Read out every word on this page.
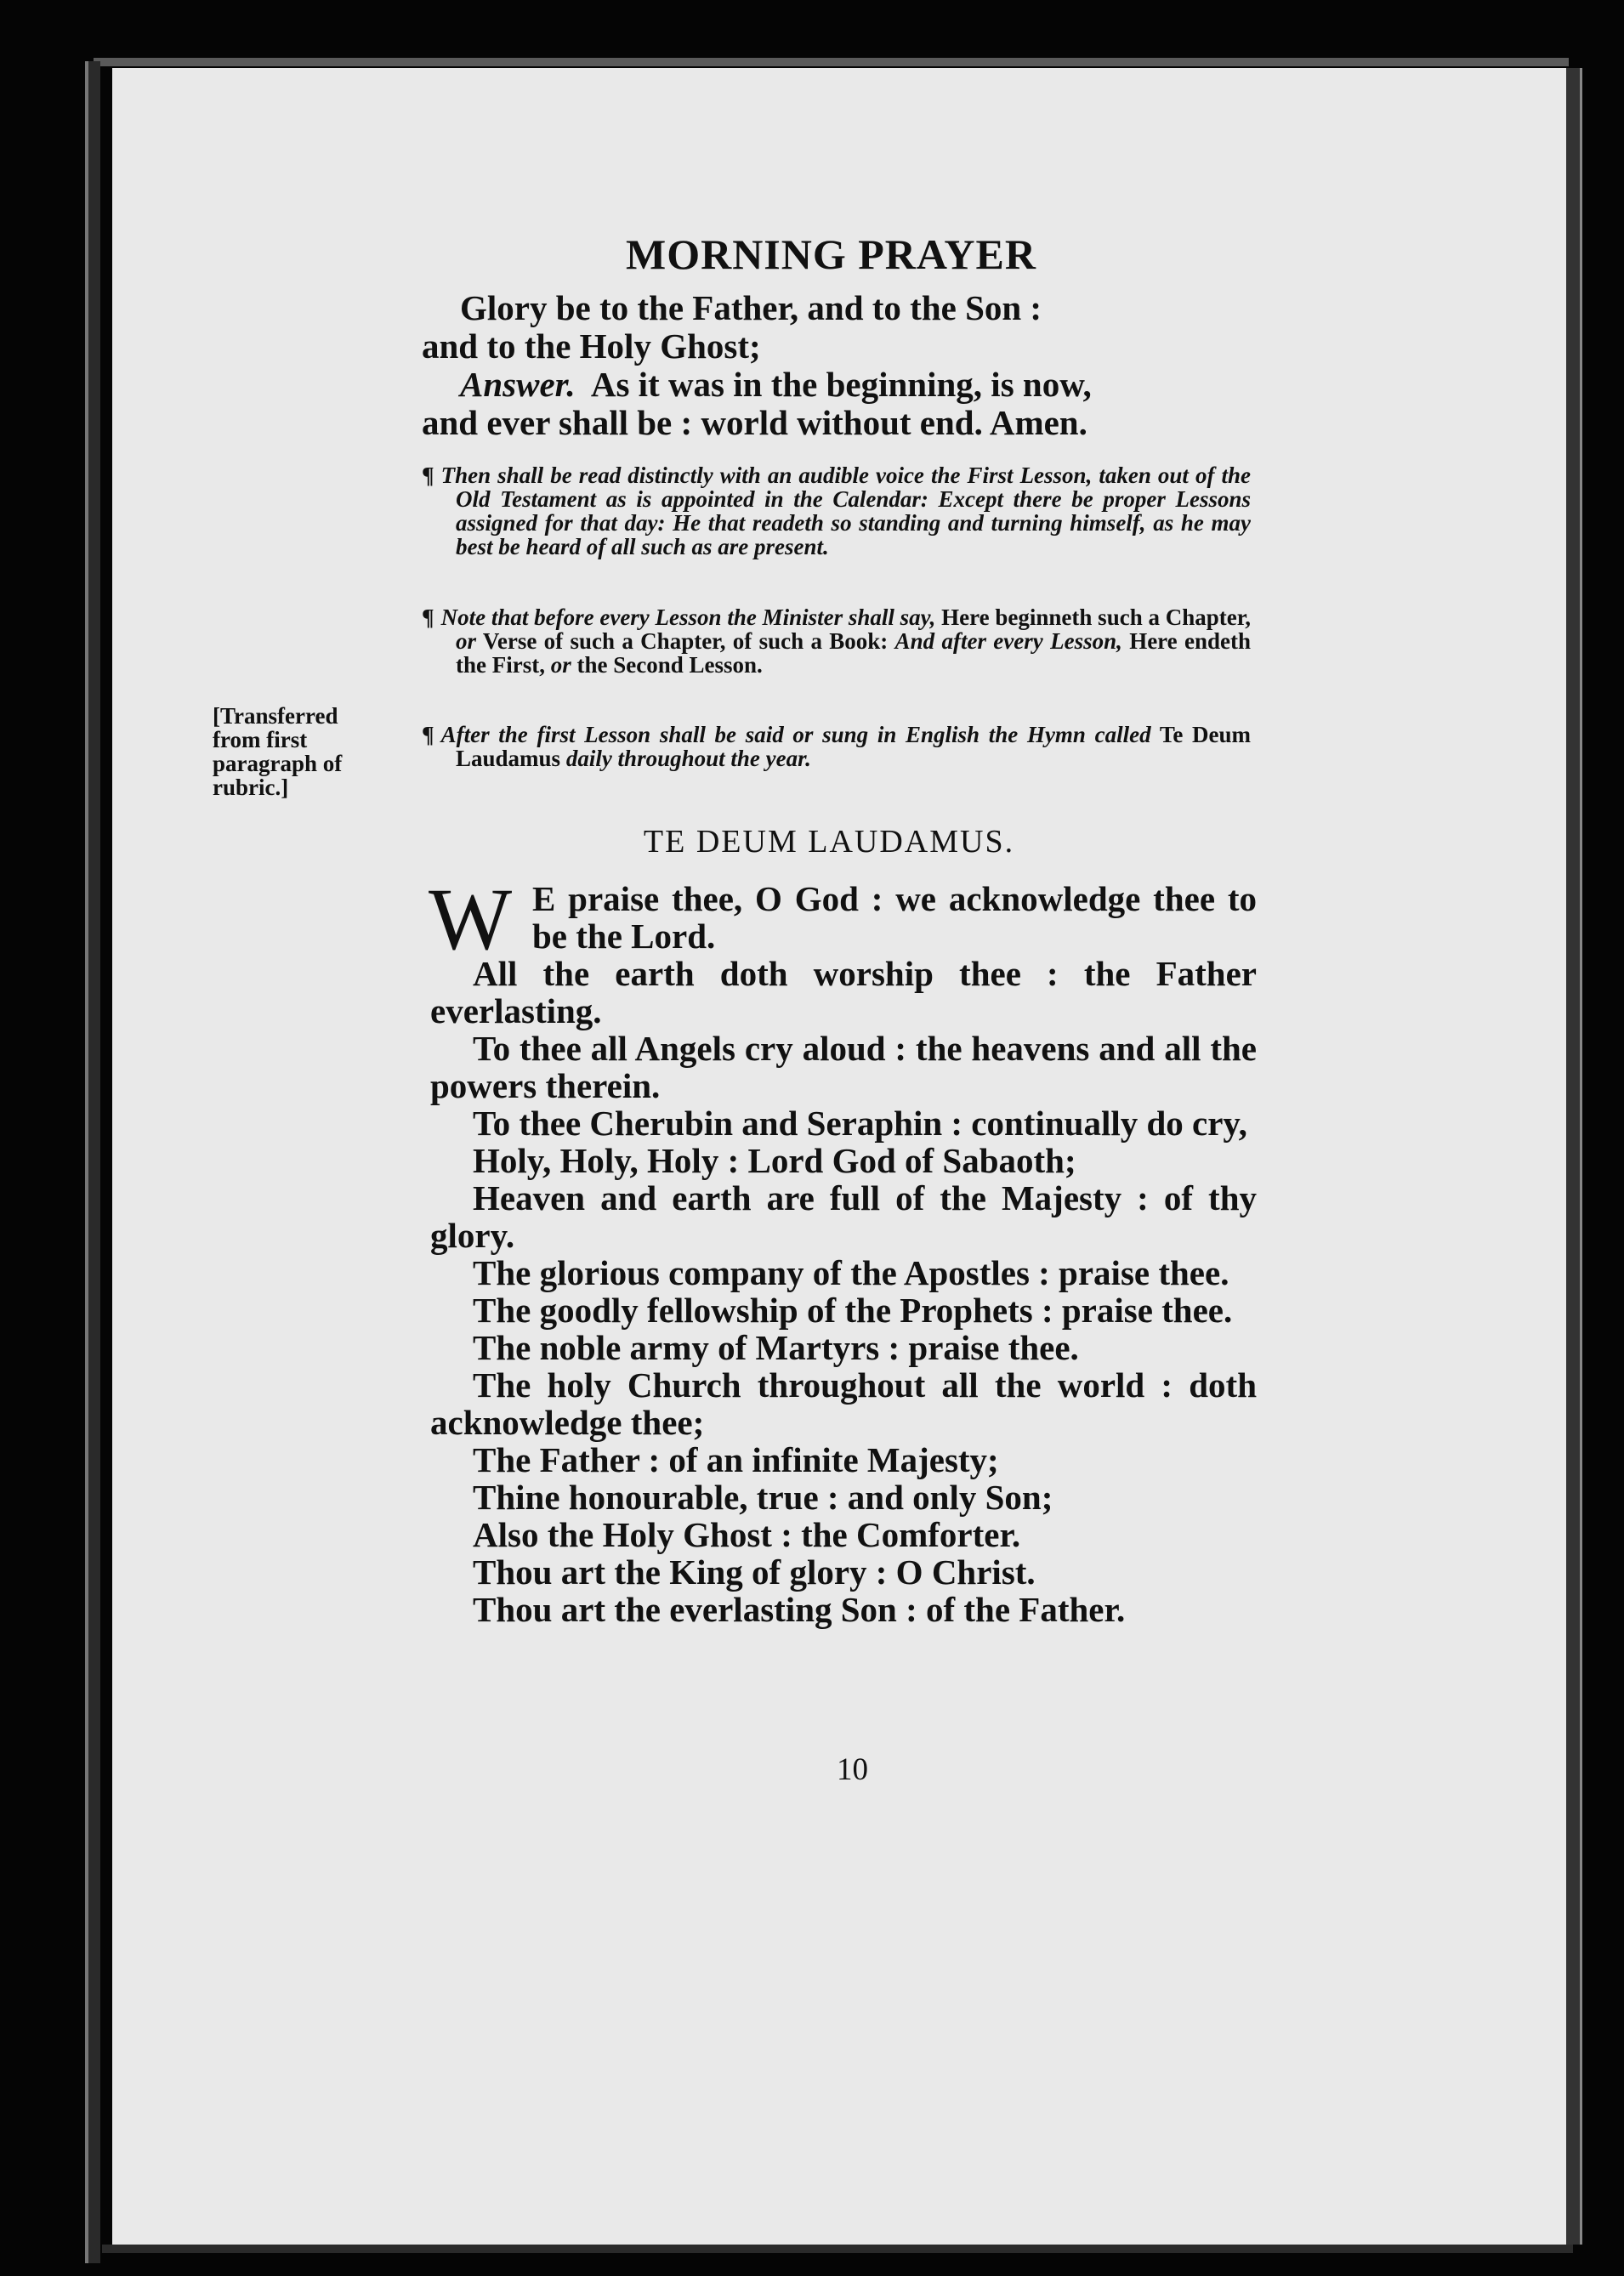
MORNING PRAYER
Glory be to the Father, and to the Son :
and to the Holy Ghost;
Answer. As it was in the beginning, is now,
and ever shall be : world without end. Amen.
¶ Then shall be read distinctly with an audible voice the First Lesson, taken out of the Old Testament as is appointed in the Calendar: Except there be proper Lessons assigned for that day: He that readeth so standing and turning himself, as he may best be heard of all such as are present.
¶ Note that before every Lesson the Minister shall say, Here beginneth such a Chapter, or Verse of such a Chapter, of such a Book: And after every Lesson, Here endeth the First, or the Second Lesson.
¶ After the first Lesson shall be said or sung in English the Hymn called Te Deum Laudamus daily throughout the year.
[Transferred from first paragraph of rubric.]
TE DEUM LAUDAMUS.

W E praise thee, O God : we acknowledge thee to be the Lord.

All the earth doth worship thee : the Father everlasting.

To thee all Angels cry aloud : the heavens and all the powers therein.

To thee Cherubin and Seraphin : continually do cry,

Holy, Holy, Holy : Lord God of Sabaoth;

Heaven and earth are full of the Majesty : of thy glory.

The glorious company of the Apostles : praise thee.

The goodly fellowship of the Prophets : praise thee.

The noble army of Martyrs : praise thee.

The holy Church throughout all the world : doth acknowledge thee;

The Father : of an infinite Majesty;

Thine honourable, true : and only Son;

Also the Holy Ghost : the Comforter.

Thou art the King of glory : O Christ.

Thou art the everlasting Son : of the Father.

10
